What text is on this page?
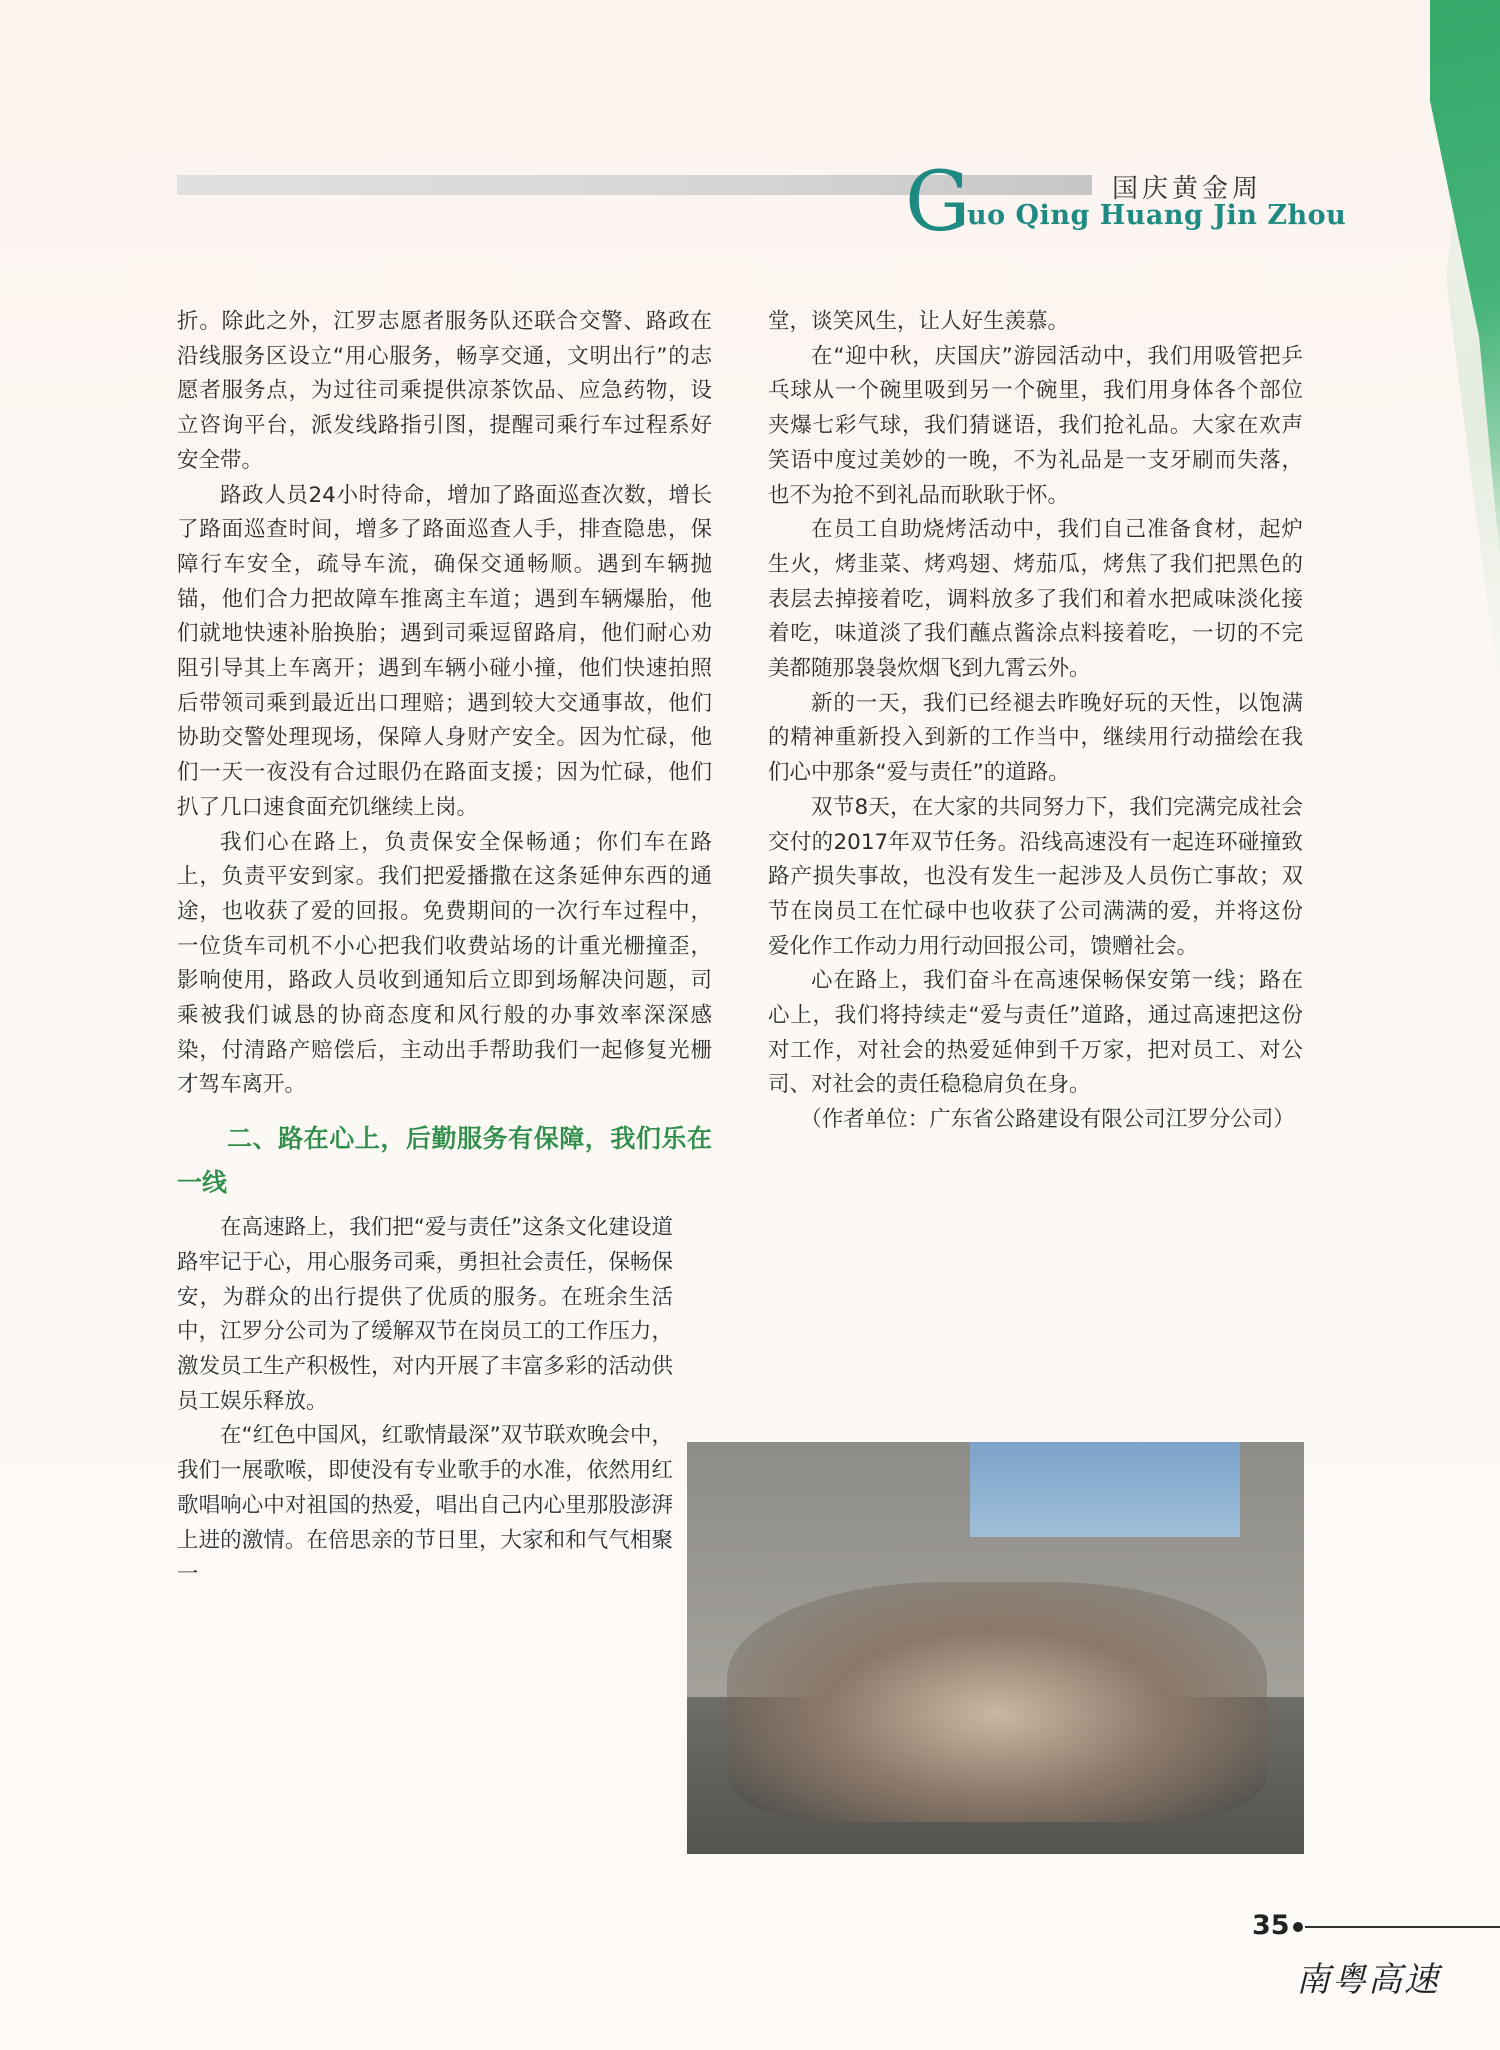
G	国庆黄金周
uo Qing Huang Jin Zhou

折。除此之外，江罗志愿者服务队还联合交警、路政在沿线服务区设立“用心服务，畅享交通，文明出行”的志愿者服务点，为过往司乘提供凉茶饮品、应急药物，设立咨询平台，派发线路指引图，提醒司乘行车过程系好安全带。

路政人员24小时待命，增加了路面巡查次数，增长了路面巡查时间，增多了路面巡查人手，排查隐患，保障行车安全，疏导车流，确保交通畅顺。遇到车辆抛锚，他们合力把故障车推离主车道；遇到车辆爆胎，他们就地快速补胎换胎；遇到司乘逗留路肩，他们耐心劝阻引导其上车离开；遇到车辆小碰小撞，他们快速拍照后带领司乘到最近出口理赔；遇到较大交通事故，他们协助交警处理现场，保障人身财产安全。因为忙碌，他们一天一夜没有合过眼仍在路面支援；因为忙碌，他们扒了几口速食面充饥继续上岗。

我们心在路上，负责保安全保畅通；你们车在路上，负责平安到家。我们把爱播撒在这条延伸东西的通途，也收获了爱的回报。免费期间的一次行车过程中，一位货车司机不小心把我们收费站场的计重光栅撞歪，影响使用，路政人员收到通知后立即到场解决问题，司乘被我们诚恳的协商态度和风行般的办事效率深深感染，付清路产赔偿后，主动出手帮助我们一起修复光栅才驾车离开。

二、路在心上，后勤服务有保障，我们乐在一线

在高速路上，我们把“爱与责任”这条文化建设道路牢记于心，用心服务司乘，勇担社会责任，保畅保安，为群众的出行提供了优质的服务。在班余生活中，江罗分公司为了缓解双节在岗员工的工作压力，激发员工生产积极性，对内开展了丰富多彩的活动供员工娱乐释放。

在“红色中国风，红歌情最深”双节联欢晚会中，我们一展歌喉，即使没有专业歌手的水准，依然用红歌唱响心中对祖国的热爱，唱出自己内心里那股澎湃上进的激情。在倍思亲的节日里，大家和和气气相聚一

堂，谈笑风生，让人好生羡慕。

在“迎中秋，庆国庆”游园活动中，我们用吸管把乒乓球从一个碗里吸到另一个碗里，我们用身体各个部位夹爆七彩气球，我们猜谜语，我们抢礼品。大家在欢声笑语中度过美妙的一晚，不为礼品是一支牙刷而失落，也不为抢不到礼品而耿耿于怀。

在员工自助烧烤活动中，我们自己准备食材，起炉生火，烤韭菜、烤鸡翅、烤茄瓜，烤焦了我们把黑色的表层去掉接着吃，调料放多了我们和着水把咸味淡化接着吃，味道淡了我们蘸点酱涂点料接着吃，一切的不完美都随那袅袅炊烟飞到九霄云外。

新的一天，我们已经褪去昨晚好玩的天性，以饱满的精神重新投入到新的工作当中，继续用行动描绘在我们心中那条“爱与责任”的道路。

双节8天，在大家的共同努力下，我们完满完成社会交付的2017年双节任务。沿线高速没有一起连环碰撞致路产损失事故，也没有发生一起涉及人员伤亡事故；双节在岗员工在忙碌中也收获了公司满满的爱，并将这份爱化作工作动力用行动回报公司，馈赠社会。

心在路上，我们奋斗在高速保畅保安第一线；路在心上，我们将持续走“爱与责任”道路，通过高速把这份对工作，对社会的热爱延伸到千万家，把对员工、对公司、对社会的责任稳稳肩负在身。

（作者单位：广东省公路建设有限公司江罗分公司）

35
南粤高速
